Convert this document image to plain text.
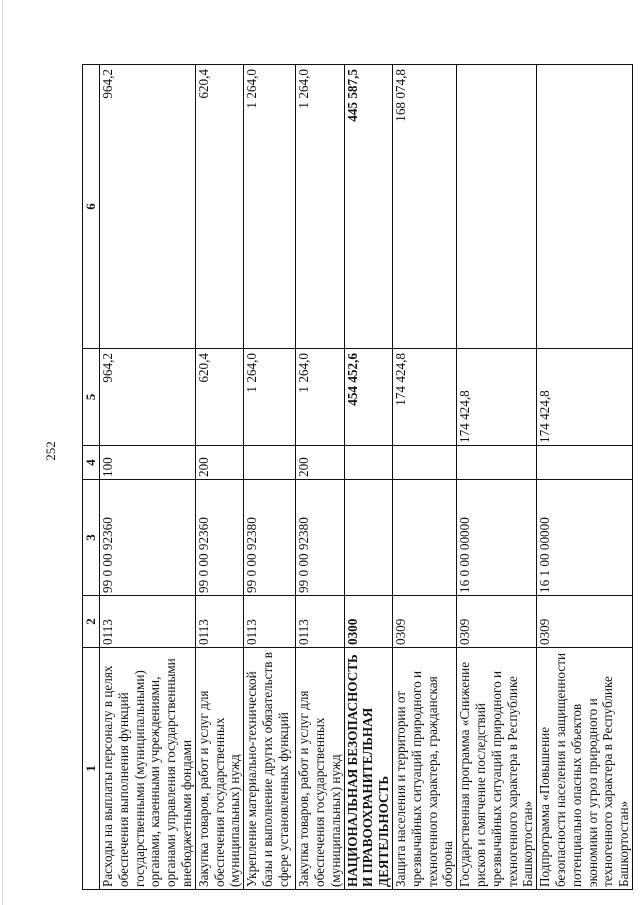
252
1	2	3	4	5	6
Расходы на выплаты персоналу в целях обеспечения выполнения функций государственными (муниципальными) органами, казенными учреждениями, органами управления государственными внебюджетными фондами	0113	99 0 00 92360	100	964,2	964,2
Закупка товаров, работ и услуг для обеспечения государственных (муниципальных) нужд	0113	99 0 00 92360	200	620,4	620,4
Укрепление материально-технической базы и выполнение других обязательств в сфере установленных функций	0113	99 0 00 92380		1 264,0	1 264,0
Закупка товаров, работ и услуг для обеспечения государственных (муниципальных) нужд	0113	99 0 00 92380	200	1 264,0	1 264,0
НАЦИОНАЛЬНАЯ БЕЗОПАСНОСТЬ И ПРАВООХРАНИТЕЛЬНАЯ ДЕЯТЕЛЬНОСТЬ	0300			454 452,6	445 587,5
Защита населения и территории от чрезвычайных ситуаций природного и техногенного характера, гражданская оборона	0309			174 424,8	168 074,8
Государственная программа «Снижение рисков и смягчение последствий чрезвычайных ситуаций природного и техногенного характера в Республике Башкортостан»	0309	16 0 00 00000		174 424,8	
Подпрограмма «Повышение безопасности населения и защищенности потенциально опасных объектов экономики от угроз природного и техногенного характера в Республике Башкортостан»	0309	16 1 00 00000		174 424,8	
